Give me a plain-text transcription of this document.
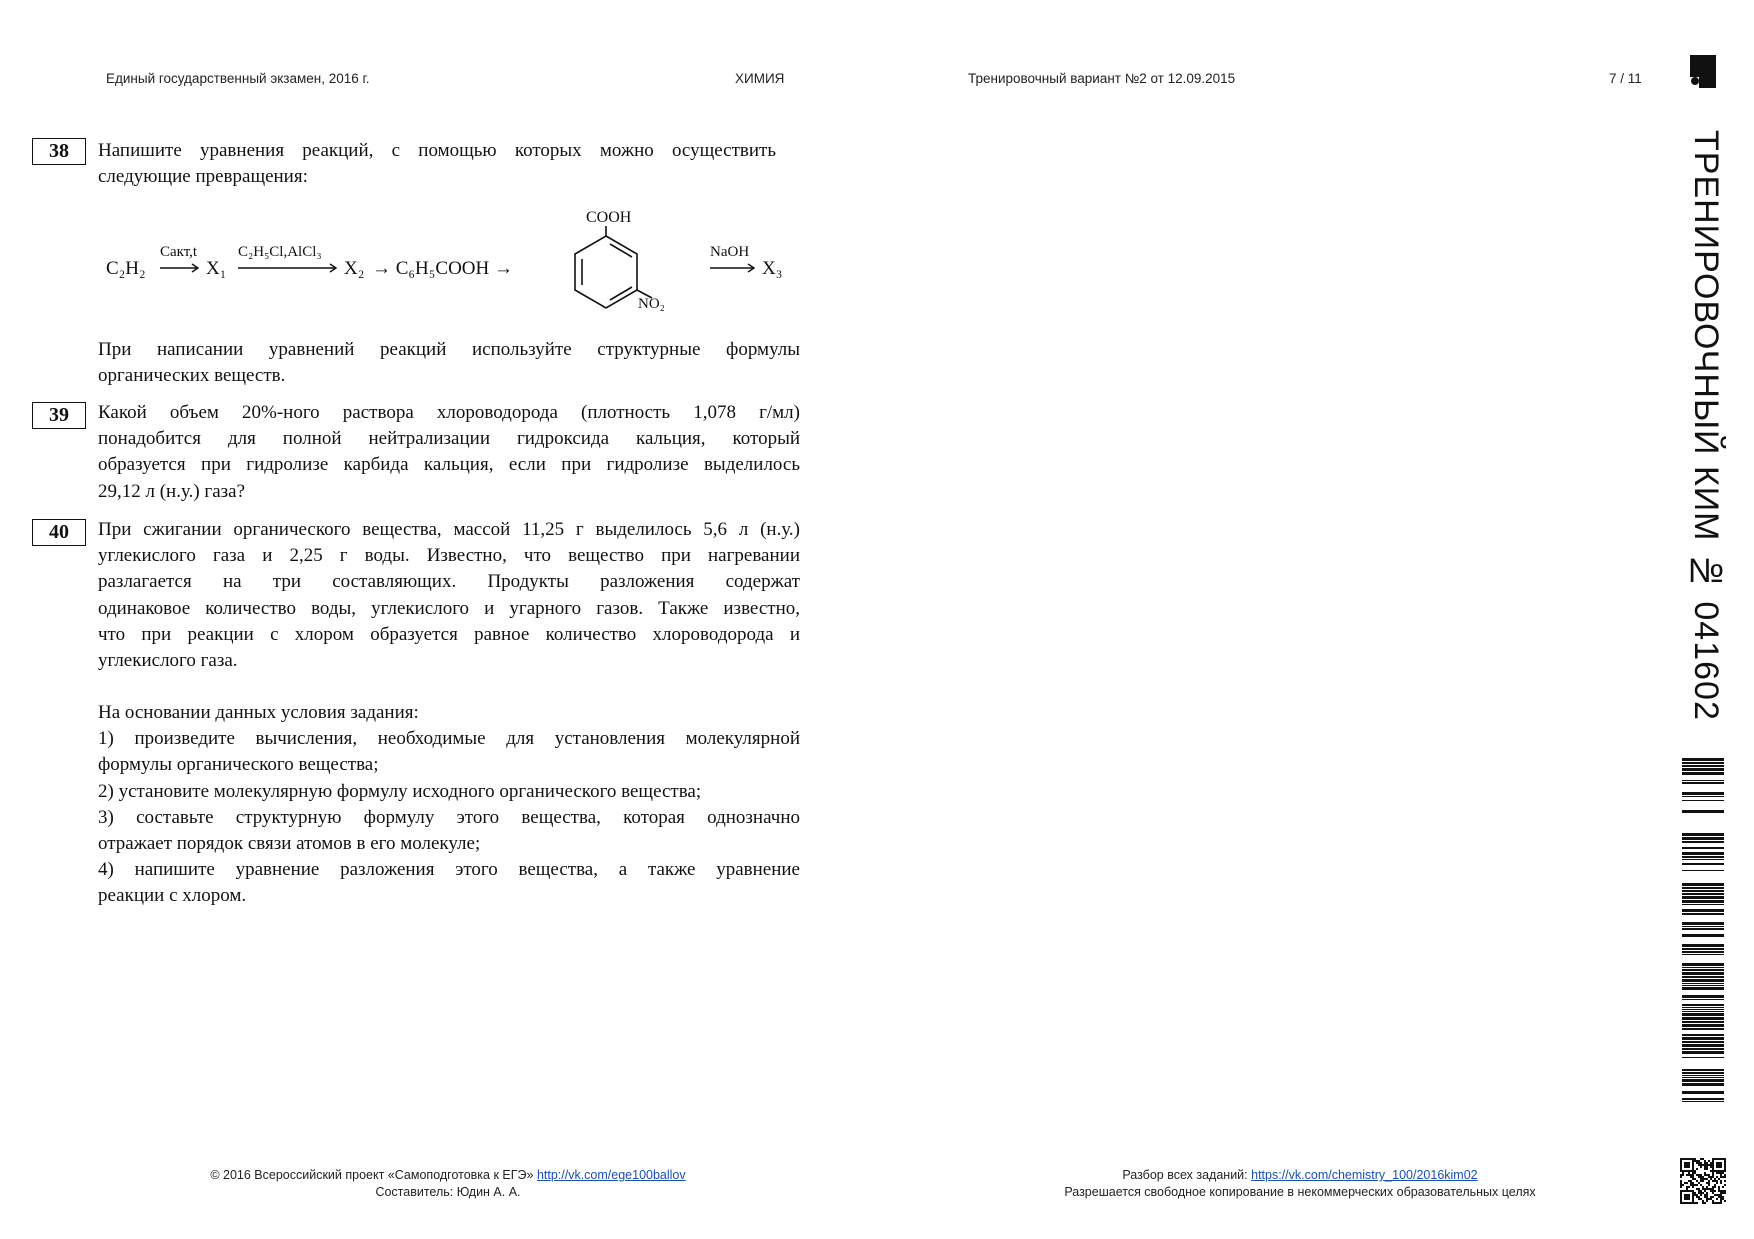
Единый государственный экзамен, 2016 г.	ХИМИЯ	Тренировочный вариант №2 от 12.09.2015	7 / 11
38	Напишите уравнения реакций, с помощью которых можно осуществить
следующие превращения:
C₂H₂
Cакт,t
X₁
C₂H₅Cl,AlCl₃
X₂ → C₆H₅COOH →
COOH
NO₂
NaOH
X₃
При написании уравнений реакций используйте структурные формулы
органических веществ.
39	Какой объем 20%-ного раствора хлороводорода (плотность 1,078 г/мл)
понадобится для полной нейтрализации гидроксида кальция, который
образуется при гидролизе карбида кальция, если при гидролизе выделилось
29,12 л (н.у.) газа?
40	При сжигании органического вещества, массой 11,25 г выделилось 5,6 л (н.у.)
углекислого газа и 2,25 г воды. Известно, что вещество при нагревании
разлагается на три составляющих. Продукты разложения содержат
одинаковое количество воды, углекислого и угарного газов. Также известно,
что при реакции с хлором образуется равное количество хлороводорода и
углекислого газа.
На основании данных условия задания:
1) произведите вычисления, необходимые для установления молекулярной
формулы органического вещества;
2) установите молекулярную формулу исходного органического вещества;
3) составьте структурную формулу этого вещества, которая однозначно
отражает порядок связи атомов в его молекуле;
4) напишите уравнение разложения этого вещества, а также уравнение
реакции с хлором.
ТРЕНИРОВОЧНЫЙ КИМ № 041602
© 2016 Всероссийский проект «Самоподготовка к ЕГЭ» http://vk.com/ege100ballov
Составитель: Юдин А. А.
Разбор всех заданий: https://vk.com/chemistry_100/2016kim02
Разрешается свободное копирование в некоммерческих образовательных целях
